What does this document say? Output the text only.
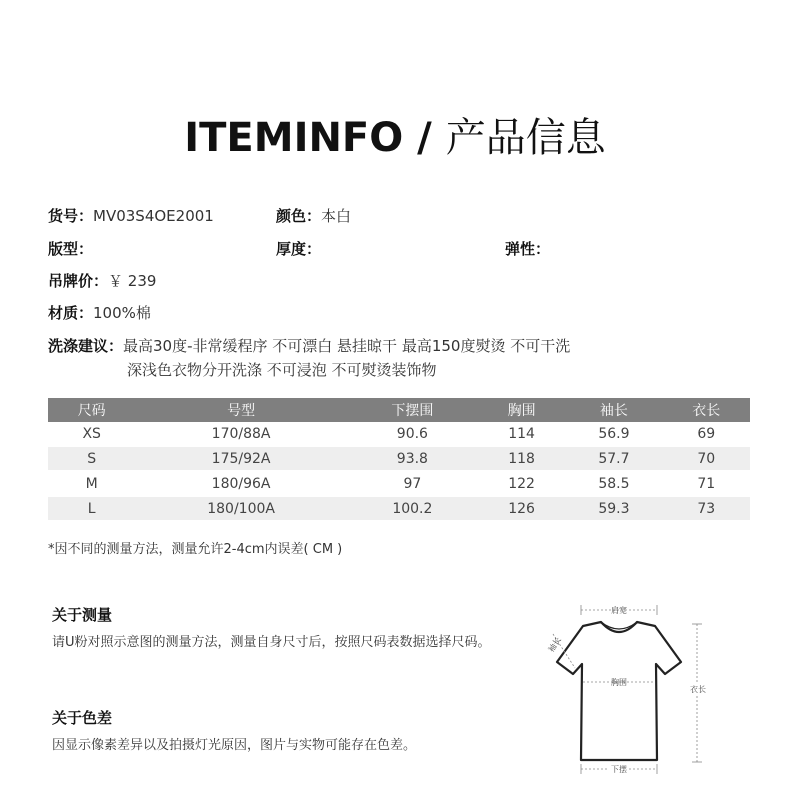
ITEMINFO / 产品信息
货号：MV03S4OE2001	颜色：本白
版型：	厚度：	弹性：
吊牌价：￥ 239
材质：100%棉
洗涤建议：最高30度-非常缓程序 不可漂白 悬挂晾干 最高150度熨烫 不可干洗
深浅色衣物分开洗涤 不可浸泡 不可熨烫装饰物
尺码	号型	下摆围	胸围	袖长	衣长
XS	170/88A	90.6	114	56.9	69
S	175/92A	93.8	118	57.7	70
M	180/96A	97	122	58.5	71
L	180/100A	100.2	126	59.3	73
*因不同的测量方法，测量允许2-4cm内误差( CM )
关于测量
请U粉对照示意图的测量方法，测量自身尺寸后，按照尺码表数据选择尺码。
关于色差
因显示像素差异以及拍摄灯光原因，图片与实物可能存在色差。
肩宽
袖长
胸围
衣长
下摆
